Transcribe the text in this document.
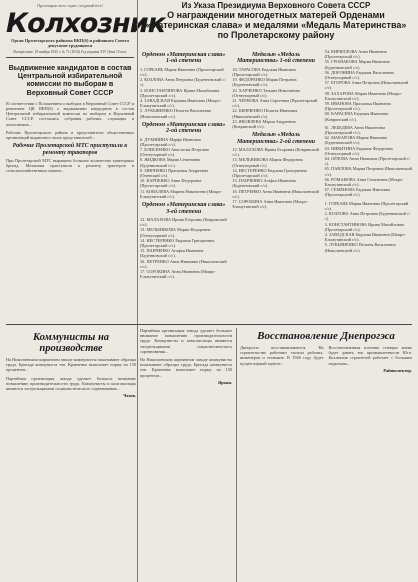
Пролетарии всех стран, соединяйтесь!
Колхозник
Орган Пролетарского райкома ВКП(б) и районного Совета депутатов трудящихся
Воскресенье, 18 ноября 1945 г. № 71 (1016) Год издания XIV Цена 15 коп.
Выдвижение кандидатов в состав Центральной избирательной комиссии по выборам в Верховный Совет СССР

В соответствии с Положением о выборах в Верховный Совет СССР и решением ЦК ВКП(б) о выдвижении кандидатов в состав Центральной избирательной комиссии по выборам в Верховный Совет СССР, состоялись собрания рабочих, служащих и колхозников...

Рабочие Пролетарского района и представители общественных организаций выдвигают своих представителей...

Рабочие Пролетарской МТС приступили к ремонту тракторов

При Пролетарской МТС выращено большое количество тракторных бригад. Механики приступили к ремонту тракторов и сельскохозяйственных машин...

Из Указа Президиума Верховного Совета СССР
О награждении многодетных матерей Орденами «Материнская слава» и медалями «Медаль Материнства» по Пролетарскому району
Орденом «Материнская слава» 1-ой степени

1. ГОРБАНЬ Мария Ивановна (Пролетарский с/с).
2. КОЗЛОВА Анна Петровна (Буденновский с/с).
3. КОНСТАНТИНОВА Ирина Михайловна (Пролетарский с/с).
4. ЗАВАДСКАЯ Евдокия Ивановна (Мокро-Ельмутянский с/с).
5. ЛУКЬЯНЕНКО Пелагея Васильевна (Николаевский с/с).

Орденом «Материнская слава» 2-ой степени

6. ДУБИНИНА Марфа Ивановна (Пролетарский с/с).
7. ЕЛИСЕЕНКО Анастасия Петровна (Огнеупорный с/с).
8. ЖИДКОВА Мария Семеновна (Буденновский с/с).
9. ЗИНЧЕНКО Прасковья Андреевна (Опенский с/с).
10. КАРПЕНКО Анна Федоровна (Пролетарский с/с).
11. КОВАЛЕВА Марина Никитична (Мокро-Ельмутянский с/с).

Орденом «Материнская слава» 3-ей степени

12. МАЛАХОВА Ирина Егоровна (Ковринский с/с).
13. МЕЛЬНИКОВА Мария Федоровна (Огнеупорный с/с).
14. НЕСТЕРЕНКО Евдокия Григорьевна (Пролетарский с/с).
15. ПАНЧЕНКО Агафья Ивановна (Буденновский с/с).
16. ПЕТРЕНКО Анна Ивановна (Николаевский с/с).
17. СОРОКИНА Анна Ивановна (Мокро-Ельмутянский с/с).

Медалью «Медаль Материнства» 1-ой степени

18. ТАРАСОВА Евдокия Ивановна (Пролетарский с/с).
19. ФЕДОРЕНКО Мария Петровна (Буденновский с/с).
20. ХАРЧЕНКО Татьяна Николаевна (Огнеупорный с/с).
21. ЧЕРНОВА Анна Сергеевна (Пролетарский с/с).
22. ШЕВЧЕНКО Пелагея Ивановна (Николаевский с/с).
23. ЯКОВЛЕВА Мария Андреевна (Ковринский с/с).

Медалью «Медаль Материнства» 2-ой степени

12. МАЛАХОВА Ирина Егоровна (Ковринский с/с).
13. МЕЛЬНИКОВА Мария Федоровна (Огнеупорный с/с).
14. НЕСТЕРЕНКО Евдокия Григорьевна (Пролетарский с/с).
15. ПАНЧЕНКО Агафья Ивановна (Буденновский с/с).
16. ПЕТРЕНКО Анна Ивановна (Николаевский с/с).
17. СОРОКИНА Анна Ивановна (Мокро-Ельмутянский с/с).

54. КИРИЛЛОВА Анна Ивановна (Пролетарский с/с).
55. ГРОМАКОВА Мария Ивановна (Буденновский с/с).
56. ДОРОНИНА Евдокия Васильевна (Огнеупорный с/с).
57. ЕГОРОВА Анна Петровна (Николаевский с/с).
58. ЗАХАРОВА Мария Ивановна (Мокро-Ельмутянский с/с).
59. ИВАНОВА Прасковья Ивановна (Пролетарский с/с).
60. КАРАСЕВА Евдокия Ивановна (Ковринский с/с).

61. ЛЕБЕДЕВА Анна Никитична (Пролетарский с/с).
62. МАКАРОВА Мария Ивановна (Буденновский с/с).
63. НИКИТИНА Евдокия Федоровна (Огнеупорный с/с).
64. ОРЛОВА Анна Ивановна (Пролетарский с/с).
65. ПАВЛОВА Мария Петровна (Николаевский с/с).
66. РОМАНОВА Анна Семеновна (Мокро-Ельмутянский с/с).
67. СЕМЕНОВА Евдокия Ивановна (Пролетарский с/с).

1. ГОРБАНЬ Мария Ивановна (Пролетарский с/с).
2. КОЗЛОВА Анна Петровна (Буденновский с/с).
3. КОНСТАНТИНОВА Ирина Михайловна (Пролетарский с/с).
4. ЗАВАДСКАЯ Евдокия Ивановна (Мокро-Ельмутянский с/с).
5. ЛУКЬЯНЕНКО Пелагея Васильевна (Николаевский с/с).

Коммунисты на производстве

На Николаевском кирпичном заводе коммунисты показывают образцы труда. Бригада коммуниста тов. Кравченко выполняет норму на 150 процентов...

Партийная организация завода уделяет большое внимание повышению производительности труда. Коммунисты и комсомольцы являются застрельщиками социалистического соревнования...

Чахов.

Партийная организация завода уделяет большое внимание повышению производительности труда. Коммунисты и комсомольцы являются застрельщиками социалистического соревнования...

На Николаевском кирпичном заводе коммунисты показывают образцы труда. Бригада коммуниста тов. Кравченко выполняет норму на 150 процентов...

Яркин.
Восстановление Днепрогэса

Днепрогэс восстанавливается. На строительстве работают тысячи рабочих, инженеров и техников. В 1946 году будет пущен первый агрегат...

Восстановленная плотина станции вновь будет давать ток промышленности Юга. Коллектив строителей работает с большим подъемом...

Райинспектор.
